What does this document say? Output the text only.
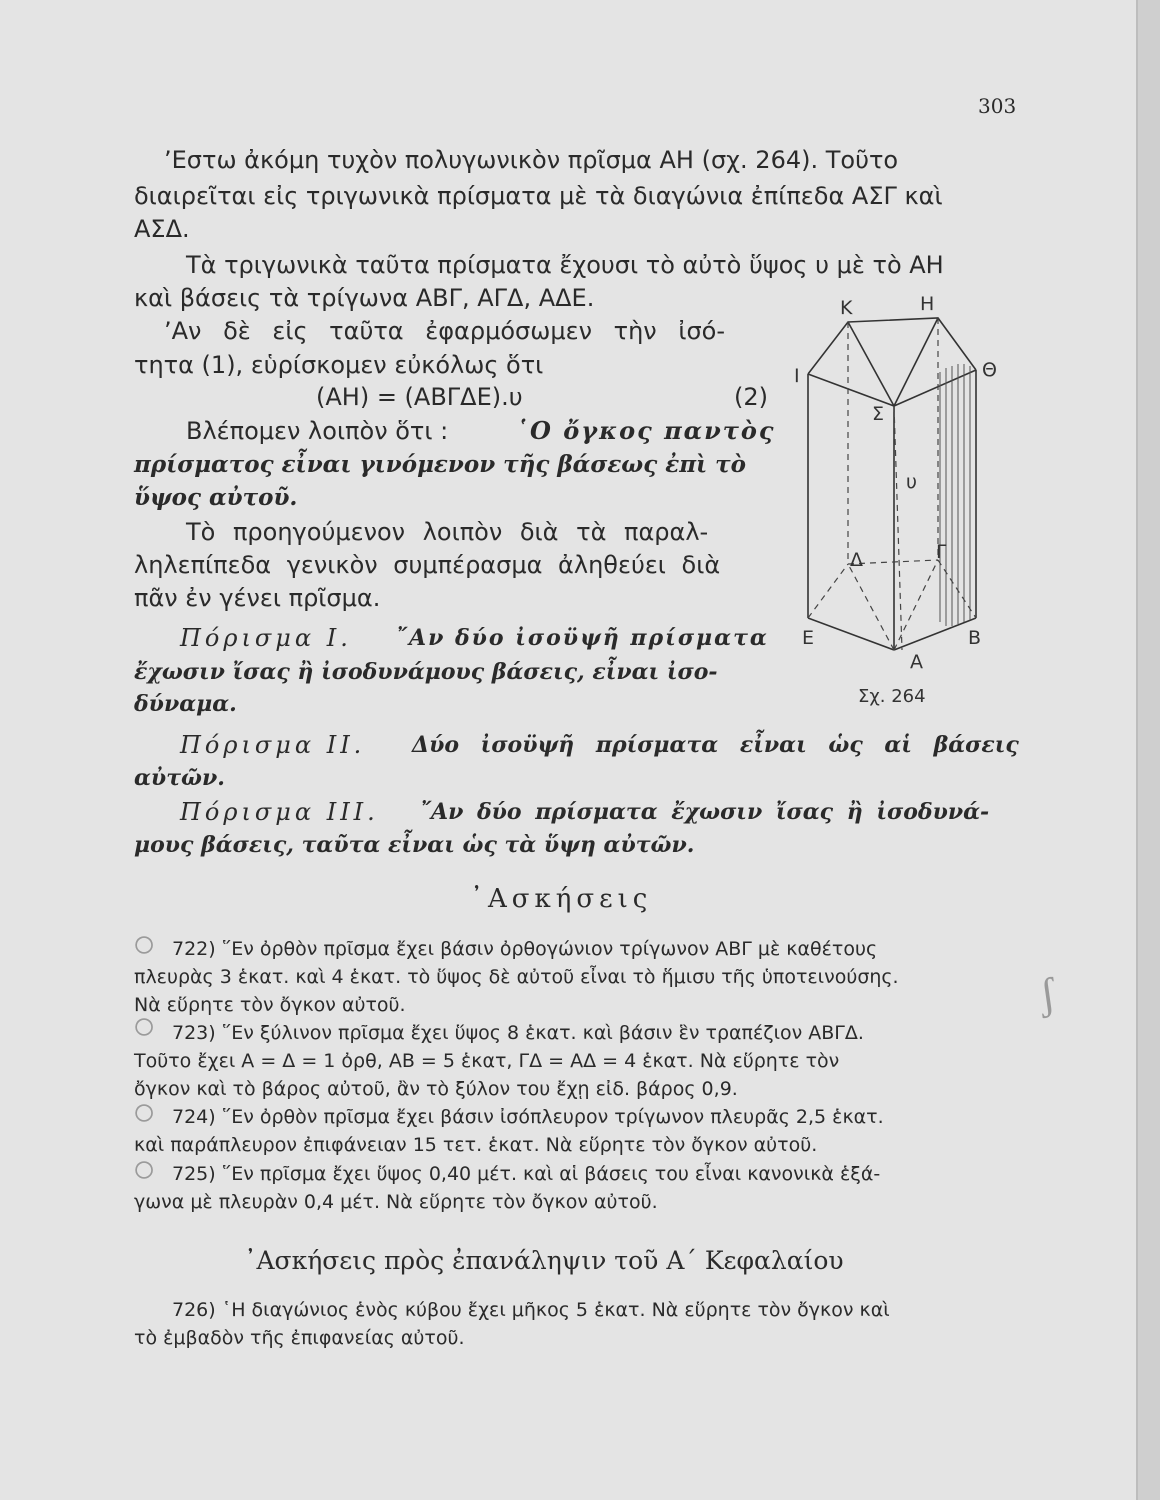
303
’Εστω ἀκόμη τυχὸν πολυγωνικὸν πρῖσμα ΑΗ (σχ. 264). Τοῦτο
διαιρεῖται εἰς τριγωνικὰ πρίσματα μὲ τὰ διαγώνια ἐπίπεδα ΑΣΓ καὶ
ΑΣΔ.
Τὰ τριγωνικὰ ταῦτα πρίσματα ἔχουσι τὸ αὐτὸ ὕψος υ μὲ τὸ ΑΗ
καὶ βάσεις τὰ τρίγωνα ΑΒΓ, ΑΓΔ, ΑΔΕ.
’Αν δὲ εἰς ταῦτα ἐφαρμόσωμεν τὴν ἰσό-
τητα (1), εὑρίσκομεν εὐκόλως ὅτι
(ΑΗ) = (ΑΒΓΔΕ).υ	(2)
Βλέπομεν λοιπὸν ὅτι :	῾Ο ὄγκος παντὸς
πρίσματος εἶναι γινόμενον τῆς βάσεως ἐπὶ τὸ
ὕψος αὐτοῦ.
Τὸ προηγούμενον λοιπὸν διὰ τὰ παραλ-
ληλεπίπεδα γενικὸν συμπέρασμα ἀληθεύει διὰ
πᾶν ἐν γένει πρῖσμα.
Πόρισμα Ι. ῎Αν δύο ἰσοϋψῆ πρίσματα
ἔχωσιν ἴσας ἢ ἰσοδυνάμους βάσεις, εἶναι ἰσο-
δύναμα.
Πόρισμα ΙΙ. Δύο ἰσοϋψῆ πρίσματα εἶναι ὡς αἱ βάσεις
αὐτῶν.
Πόρισμα ΙΙΙ. ῎Αν δύο πρίσματα ἔχωσιν ἴσας ἢ ἰσοδυνά-
μους βάσεις, ταῦτα εἶναι ὡς τὰ ὕψη αὐτῶν.
Κ	Η
Ι	Θ
Σ
υ
Δ	Γ
Ε	Β
Α
Σχ. 264
ʃ
○
○
○
○
᾿Ασκήσεις
722) ῞Εν ὀρθὸν πρῖσμα ἔχει βάσιν ὀρθογώνιον τρίγωνον ΑΒΓ μὲ καθέτους
πλευρὰς 3 ἑκατ. καὶ 4 ἑκατ. τὸ ὕψος δὲ αὐτοῦ εἶναι τὸ ἥμισυ τῆς ὑποτεινούσης.
Νὰ εὕρητε τὸν ὄγκον αὐτοῦ.
723) ῞Εν ξύλινον πρῖσμα ἔχει ὕψος 8 ἑκατ. καὶ βάσιν ἓν τραπέζιον ΑΒΓΔ.
Τοῦτο ἔχει Α = Δ = 1 ὀρθ, ΑΒ = 5 ἑκατ, ΓΔ = ΑΔ = 4 ἑκατ. Νὰ εὕρητε τὸν
ὄγκον καὶ τὸ βάρος αὐτοῦ, ἂν τὸ ξύλον του ἔχῃ εἰδ. βάρος 0,9.
724) ῞Εν ὀρθὸν πρῖσμα ἔχει βάσιν ἰσόπλευρον τρίγωνον πλευρᾶς 2,5 ἑκατ.
καὶ παράπλευρον ἐπιφάνειαν 15 τετ. ἑκατ. Νὰ εὕρητε τὸν ὄγκον αὐτοῦ.
725) ῞Εν πρῖσμα ἔχει ὕψος 0,40 μέτ. καὶ αἱ βάσεις του εἶναι κανονικὰ ἑξά-
γωνα μὲ πλευρὰν 0,4 μέτ. Νὰ εὕρητε τὸν ὄγκον αὐτοῦ.
᾿Ασκήσεις πρὸς ἐπανάληψιν τοῦ Α΄ Κεφαλαίου
726) ῾Η διαγώνιος ἑνὸς κύβου ἔχει μῆκος 5 ἑκατ. Νὰ εὕρητε τὸν ὄγκον καὶ
τὸ ἐμβαδὸν τῆς ἐπιφανείας αὐτοῦ.
